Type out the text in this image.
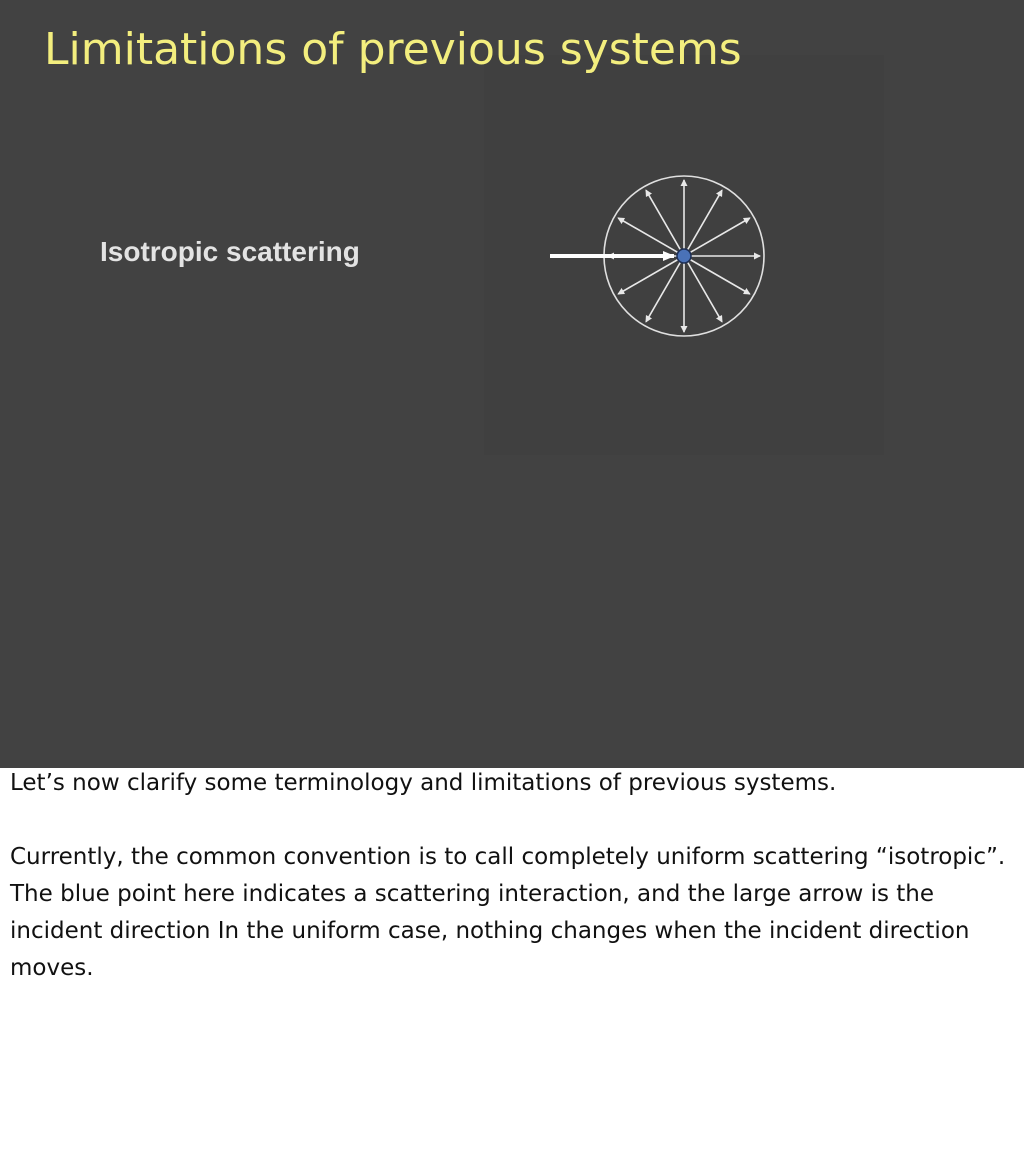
Limitations of previous systems
Isotropic scattering

Let’s now clarify some terminology and limitations of previous systems.

Currently, the common convention is to call completely uniform scattering “isotropic”. The blue point here indicates a scattering interaction, and the large arrow is the incident direction In the uniform case, nothing changes when the incident direction moves.
